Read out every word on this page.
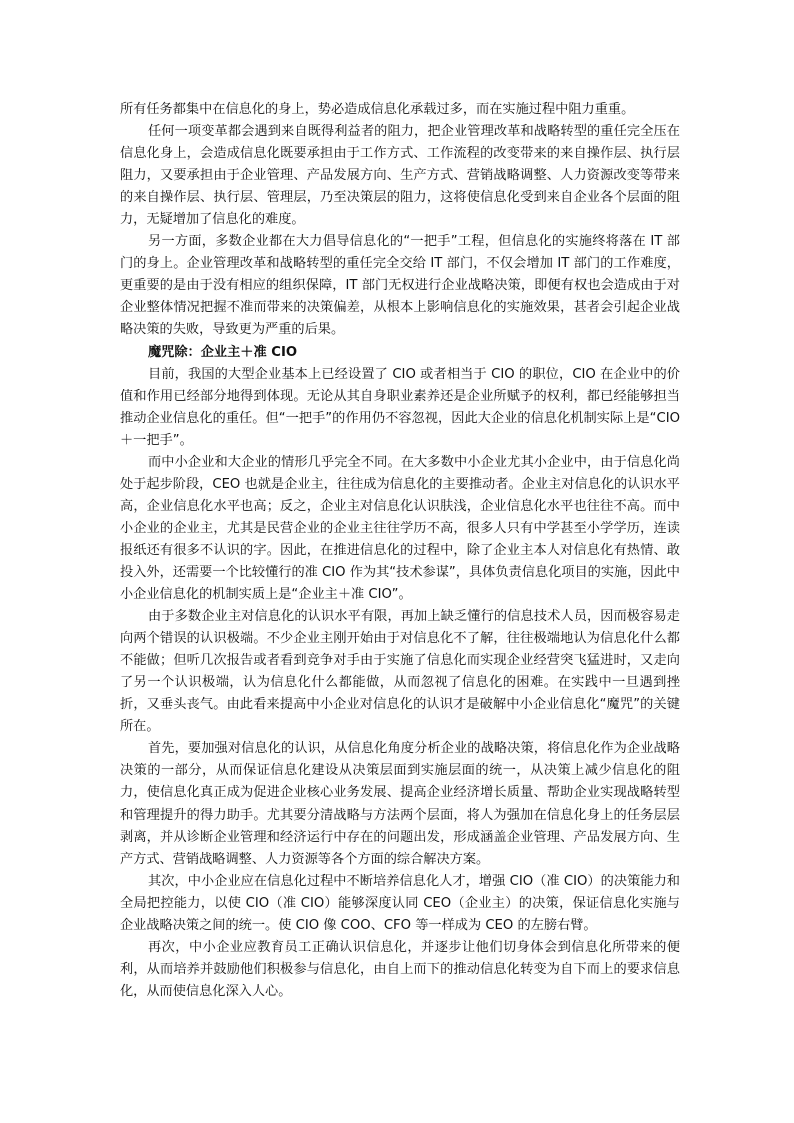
所有任务都集中在信息化的身上，势必造成信息化承载过多，而在实施过程中阻力重重。

任何一项变革都会遇到来自既得利益者的阻力，把企业管理改革和战略转型的重任完全压在信息化身上，会造成信息化既要承担由于工作方式、工作流程的改变带来的来自操作层、执行层阻力，又要承担由于企业管理、产品发展方向、生产方式、营销战略调整、人力资源改变等带来的来自操作层、执行层、管理层，乃至决策层的阻力，这将使信息化受到来自企业各个层面的阻力，无疑增加了信息化的难度。

另一方面，多数企业都在大力倡导信息化的“一把手”工程，但信息化的实施终将落在 IT 部门的身上。企业管理改革和战略转型的重任完全交给 IT 部门，不仅会增加 IT 部门的工作难度，更重要的是由于没有相应的组织保障，IT 部门无权进行企业战略决策，即便有权也会造成由于对企业整体情况把握不准而带来的决策偏差，从根本上影响信息化的实施效果，甚者会引起企业战略决策的失败，导致更为严重的后果。

魔咒除：企业主＋准 CIO

目前，我国的大型企业基本上已经设置了 CIO 或者相当于 CIO 的职位，CIO 在企业中的价值和作用已经部分地得到体现。无论从其自身职业素养还是企业所赋予的权利，都已经能够担当推动企业信息化的重任。但“一把手”的作用仍不容忽视，因此大企业的信息化机制实际上是“CIO＋一把手”。

而中小企业和大企业的情形几乎完全不同。在大多数中小企业尤其小企业中，由于信息化尚处于起步阶段，CEO 也就是企业主，往往成为信息化的主要推动者。企业主对信息化的认识水平高，企业信息化水平也高；反之，企业主对信息化认识肤浅，企业信息化水平也往往不高。而中小企业的企业主，尤其是民营企业的企业主往往学历不高，很多人只有中学甚至小学学历，连读报纸还有很多不认识的字。因此，在推进信息化的过程中，除了企业主本人对信息化有热情、敢投入外，还需要一个比较懂行的准 CIO 作为其“技术参谋”，具体负责信息化项目的实施，因此中小企业信息化的机制实质上是“企业主＋准 CIO”。

由于多数企业主对信息化的认识水平有限，再加上缺乏懂行的信息技术人员，因而极容易走向两个错误的认识极端。不少企业主刚开始由于对信息化不了解，往往极端地认为信息化什么都不能做；但听几次报告或者看到竞争对手由于实施了信息化而实现企业经营突飞猛进时，又走向了另一个认识极端，认为信息化什么都能做，从而忽视了信息化的困难。在实践中一旦遇到挫折，又垂头丧气。由此看来提高中小企业对信息化的认识才是破解中小企业信息化“魔咒”的关键所在。

首先，要加强对信息化的认识，从信息化角度分析企业的战略决策，将信息化作为企业战略决策的一部分，从而保证信息化建设从决策层面到实施层面的统一，从决策上减少信息化的阻力，使信息化真正成为促进企业核心业务发展、提高企业经济增长质量、帮助企业实现战略转型和管理提升的得力助手。尤其要分清战略与方法两个层面，将人为强加在信息化身上的任务层层剥离，并从诊断企业管理和经济运行中存在的问题出发，形成涵盖企业管理、产品发展方向、生产方式、营销战略调整、人力资源等各个方面的综合解决方案。

其次，中小企业应在信息化过程中不断培养信息化人才，增强 CIO（准 CIO）的决策能力和全局把控能力，以使 CIO（准 CIO）能够深度认同 CEO（企业主）的决策，保证信息化实施与企业战略决策之间的统一。使 CIO 像 COO、CFO 等一样成为 CEO 的左膀右臂。

再次，中小企业应教育员工正确认识信息化，并逐步让他们切身体会到信息化所带来的便利，从而培养并鼓励他们积极参与信息化，由自上而下的推动信息化转变为自下而上的要求信息化，从而使信息化深入人心。
